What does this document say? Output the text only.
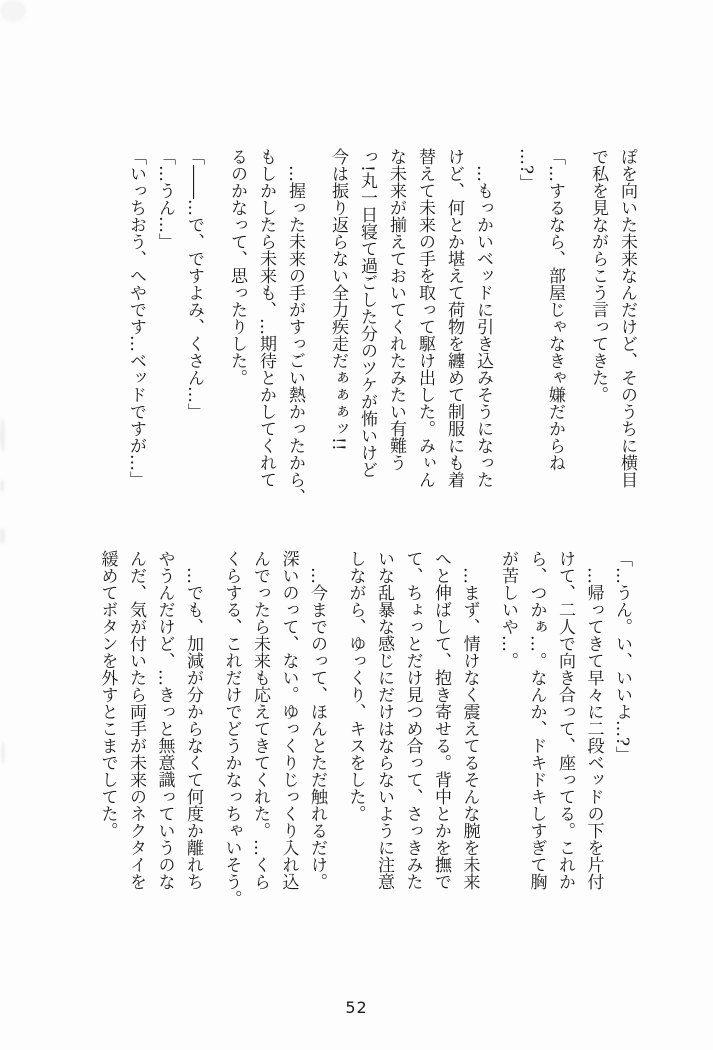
ぽを向いた未来なんだけど、そのうちに横目
で私を見ながらこう言ってきた。
「…するなら、部屋じゃなきゃ嫌だからね
…?」
　…もっかいベッドに引き込みそうになった
けど、何とか堪えて荷物を纏めて制服にも着
替えて未来の手を取って駆け出した。みぃん
な未来が揃えておいてくれたみたい有難う
っ!丸一日寝て過ごした分のツケが怖いけど
今は振り返らない全力疾走だぁぁぁッ!!
　…握った未来の手がすっごい熱かったから、
もしかしたら未来も、…期待とかしてくれて
るのかなって、思ったりした。
「――…で、ですよみ、くさん…」
「…うん…」
「いっちおう、へやです…ベッドですが…」
「…うん。い、いいよ…?」
　…帰ってきて早々に二段ベッドの下を片付
けて、二人で向き合って、座ってる。これか
ら、つかぁ…。なんか、ドキドキしすぎて胸
が苦しいや…。
　…まず、情けなく震えてるそんな腕を未来
へと伸ばして、抱き寄せる。背中とかを撫で
て、ちょっとだけ見つめ合って、さっきみた
いな乱暴な感じにだけはならないように注意
しながら、ゆっくり、キスをした。
　…今までのって、ほんとただ触れるだけ。
深いのって、ない。ゆっくりじっくり入れ込
んでったら未来も応えてきてくれた。…くら
くらする、これだけでどうかなっちゃいそう。
　…でも、加減が分からなくて何度か離れち
やうんだけど、…きっと無意識っていうのな
んだ、気が付いたら両手が未来のネクタイを
緩めてボタンを外すとこまでしてた。
52
